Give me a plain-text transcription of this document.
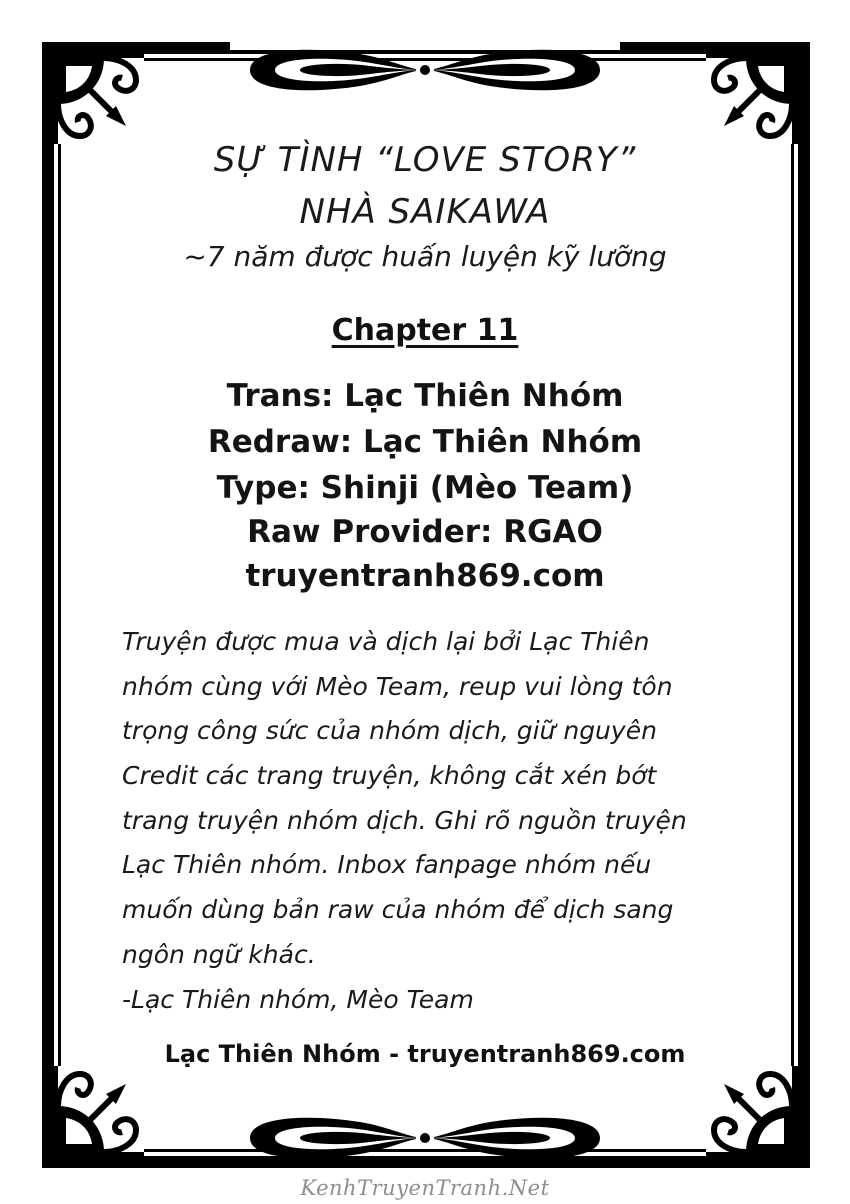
SỰ TÌNH “LOVE STORY”
NHÀ SAIKAWA
~7 năm được huấn luyện kỹ lưỡng
Chapter 11
Trans: Lạc Thiên Nhóm
Redraw: Lạc Thiên Nhóm
Type: Shinji (Mèo Team)
Raw Provider: RGAO
truyentranh869.com
Truyện được mua và dịch lại bởi Lạc Thiên
nhóm cùng với Mèo Team, reup vui lòng tôn
trọng công sức của nhóm dịch, giữ nguyên
Credit các trang truyện, không cắt xén bớt
trang truyện nhóm dịch. Ghi rõ nguồn truyện
Lạc Thiên nhóm. Inbox fanpage nhóm nếu
muốn dùng bản raw của nhóm để dịch sang
ngôn ngữ khác.
-Lạc Thiên nhóm, Mèo Team
Lạc Thiên Nhóm - truyentranh869.com
KenhTruyenTranh.Net
